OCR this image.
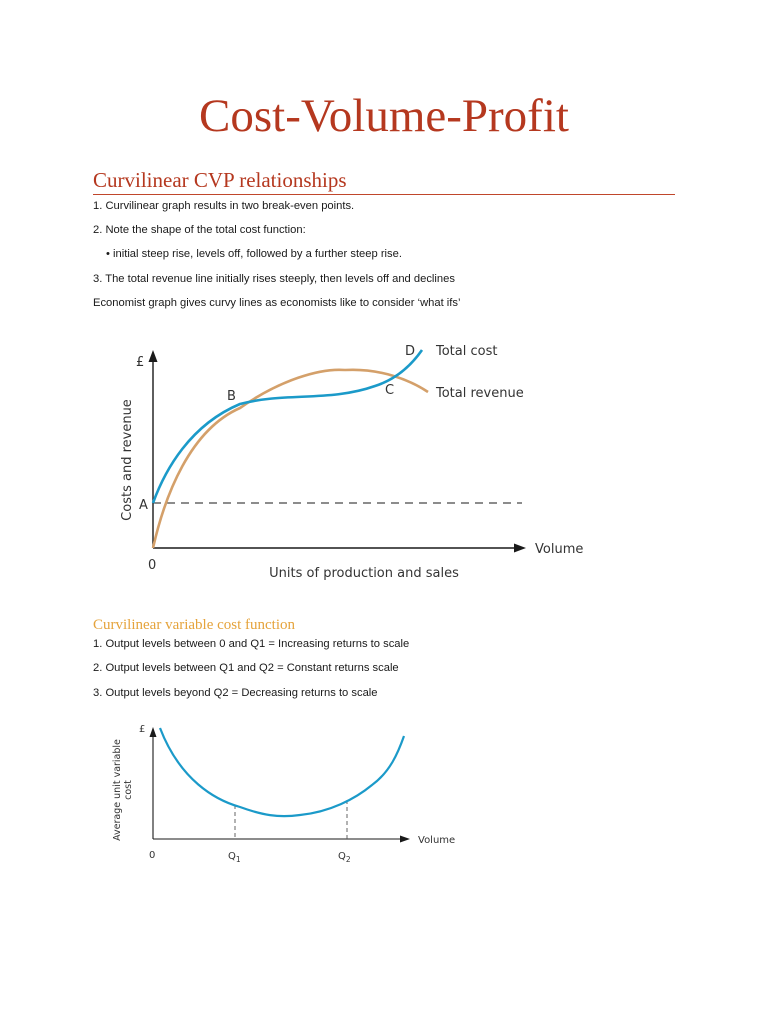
Cost-Volume-Profit
Curvilinear CVP relationships

1. Curvilinear graph results in two break-even points.

2. Note the shape of the total cost function:

• initial steep rise, levels off, followed by a further steep rise.

3. The total revenue line initially rises steeply, then levels off and declines

Economist graph gives curvy lines as economists like to consider ‘what ifs’

£
Costs and revenue
0
Units of production and sales
Volume
A
B	C
D Total cost
Total revenue
Curvilinear variable cost function

1. Output levels between 0 and Q1 = Increasing returns to scale

2. Output levels between Q1 and Q2 = Constant returns scale

3. Output levels beyond Q2 = Decreasing returns to scale

£
Average unit variable cost
0	$Q_1$	$Q_2$
Volume
